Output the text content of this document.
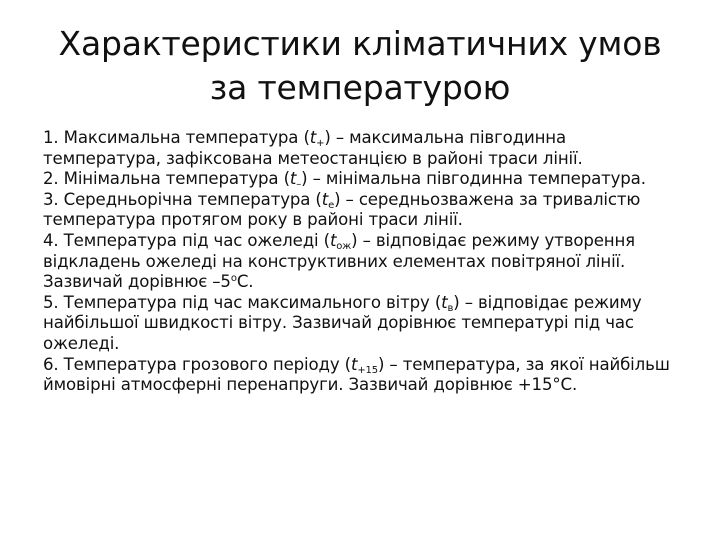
Характеристики кліматичних умов
за температурою

1. Максимальна температура $(t_+)$ – максимальна півгодинна температура, зафіксована метеостанцією в районі траси лінії.

2. Мінімальна температура $(t_-)$ – мінімальна півгодинна температура.

3. Середньорічна температура $(t_е)$ – середньозважена за тривалістю температура протягом року в районі траси лінії.

4. Температура під час ожеледі $(t_{ож})$ – відповідає режиму утворення відкладень ожеледі на конструктивних елементах повітряної лінії. Зазвичай дорівнює $-5^оС$.

5. Температура під час максимального вітру $(t_в)$ – відповідає режиму найбільшої швидкості вітру. Зазвичай дорівнює температурі під час ожеледі.

6. Температура грозового періоду $(t_{+15})$ – температура, за якої найбільш ймовірні атмосферні перенапруги. Зазвичай дорівнює +15°С.
